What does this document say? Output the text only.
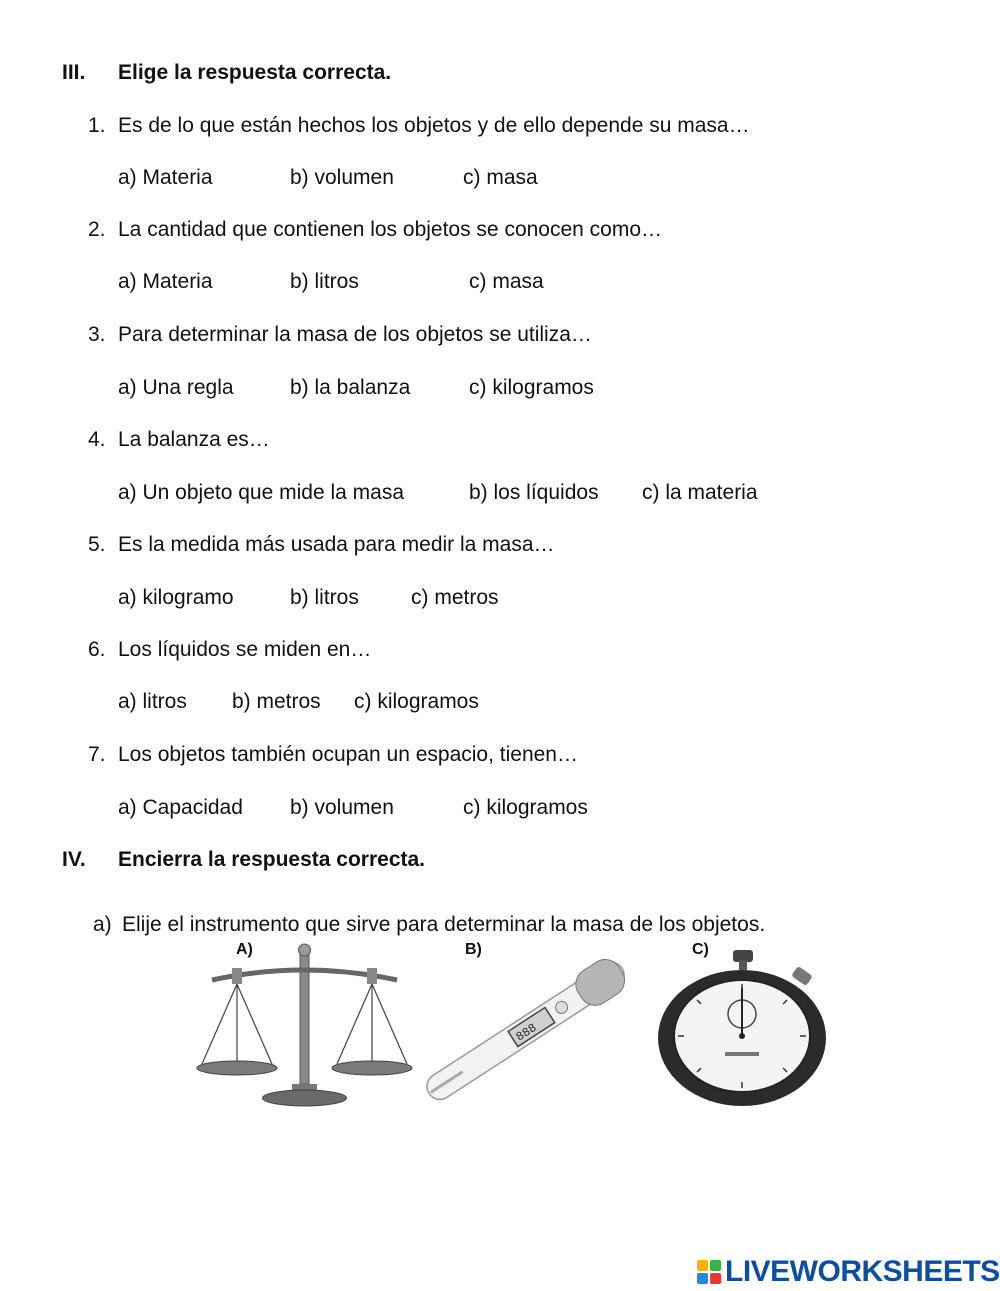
III. Elige la respuesta correcta.
1. Es de lo que están hechos los objetos y de ello depende su masa…
a) Materia	b) volumen	c) masa
2. La cantidad que contienen los objetos se conocen como…
a) Materia	b) litros	c) masa
3. Para determinar la masa de los objetos se utiliza…
a) Una regla	b) la balanza	c) kilogramos
4. La balanza es…
a) Un objeto que mide la masa	b) los líquidos c) la materia
5. Es la medida más usada para medir la masa…
a) kilogramo	b) litros c) metros
6. Los líquidos se miden en…
a) litros b) metros c) kilogramos
7. Los objetos también ocupan un espacio, tienen…
a) Capacidad b) volumen	c) kilogramos
IV. Encierra la respuesta correcta.
a) Elije el instrumento que sirve para determinar la masa de los objetos.
A)	B)
888
C)
LIVEWORKSHEETS
